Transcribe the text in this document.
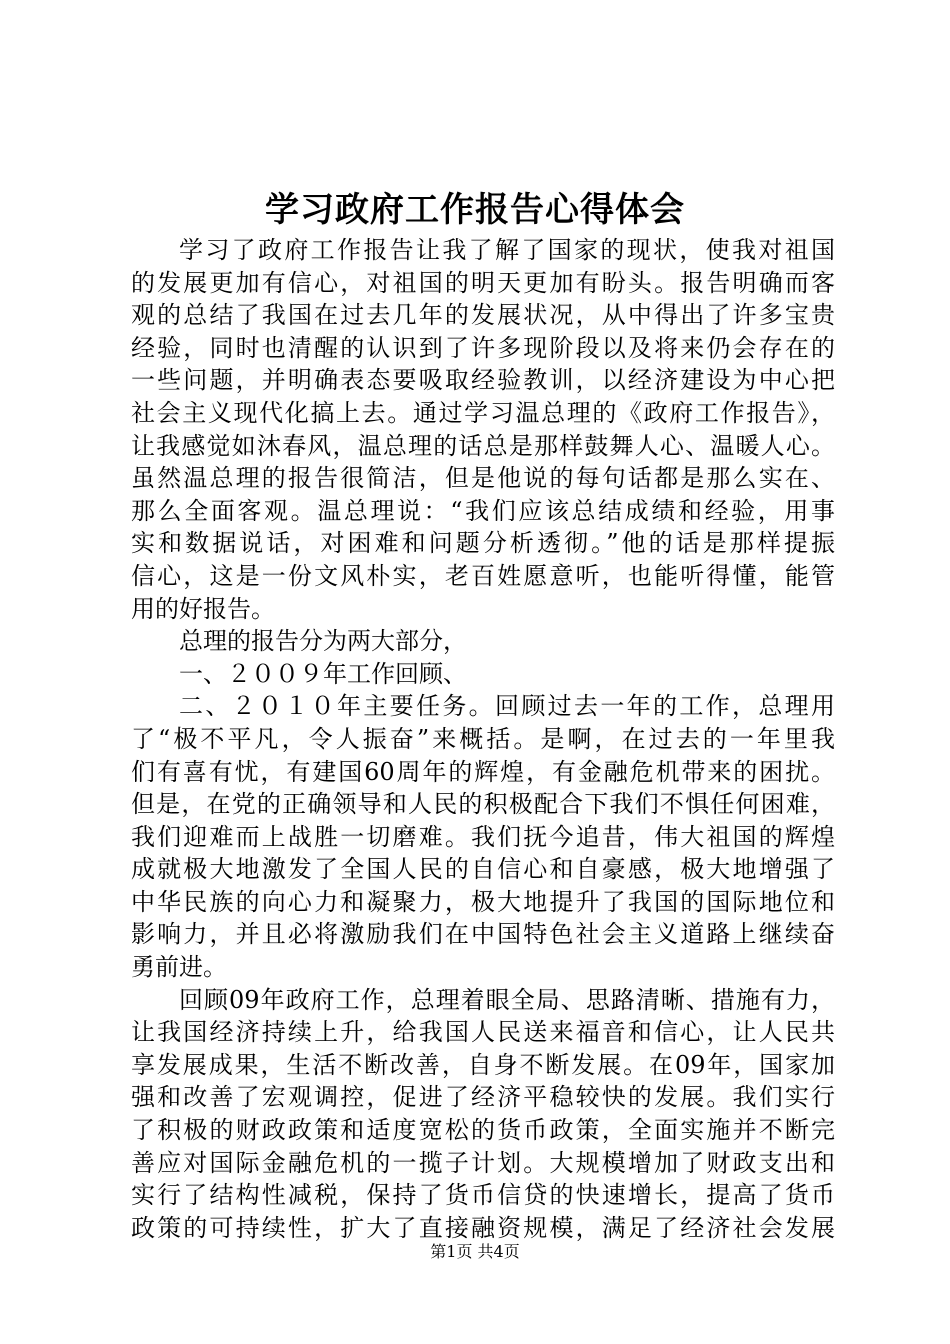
学习政府工作报告心得体会
学习了政府工作报告让我了解了国家的现状，使我对祖国
的发展更加有信心，对祖国的明天更加有盼头。报告明确而客
观的总结了我国在过去几年的发展状况，从中得出了许多宝贵
经验，同时也清醒的认识到了许多现阶段以及将来仍会存在的
一些问题，并明确表态要吸取经验教训，以经济建设为中心把
社会主义现代化搞上去。通过学习温总理的《政府工作报告》，
让我感觉如沐春风，温总理的话总是那样鼓舞人心、温暖人心。
虽然温总理的报告很简洁，但是他说的每句话都是那么实在、
那么全面客观。温总理说：“我们应该总结成绩和经验，用事
实和数据说话，对困难和问题分析透彻。”他的话是那样提振
信心，这是一份文风朴实，老百姓愿意听，也能听得懂，能管
用的好报告。
总理的报告分为两大部分，
一、２００９年工作回顾、
二、２０１０年主要任务。回顾过去一年的工作，总理用
了“极不平凡，令人振奋”来概括。是啊，在过去的一年里我
们有喜有忧，有建国60周年的辉煌，有金融危机带来的困扰。
但是，在党的正确领导和人民的积极配合下我们不惧任何困难，
我们迎难而上战胜一切磨难。我们抚今追昔，伟大祖国的辉煌
成就极大地激发了全国人民的自信心和自豪感，极大地增强了
中华民族的向心力和凝聚力，极大地提升了我国的国际地位和
影响力，并且必将激励我们在中国特色社会主义道路上继续奋
勇前进。
回顾09年政府工作，总理着眼全局、思路清晰、措施有力，
让我国经济持续上升，给我国人民送来福音和信心，让人民共
享发展成果，生活不断改善，自身不断发展。在09年，国家加
强和改善了宏观调控，促进了经济平稳较快的发展。我们实行
了积极的财政政策和适度宽松的货币政策，全面实施并不断完
善应对国际金融危机的一揽子计划。大规模增加了财政支出和
实行了结构性减税，保持了货币信贷的快速增长，提高了货币
政策的可持续性，扩大了直接融资规模，满足了经济社会发展
第1页 共4页
